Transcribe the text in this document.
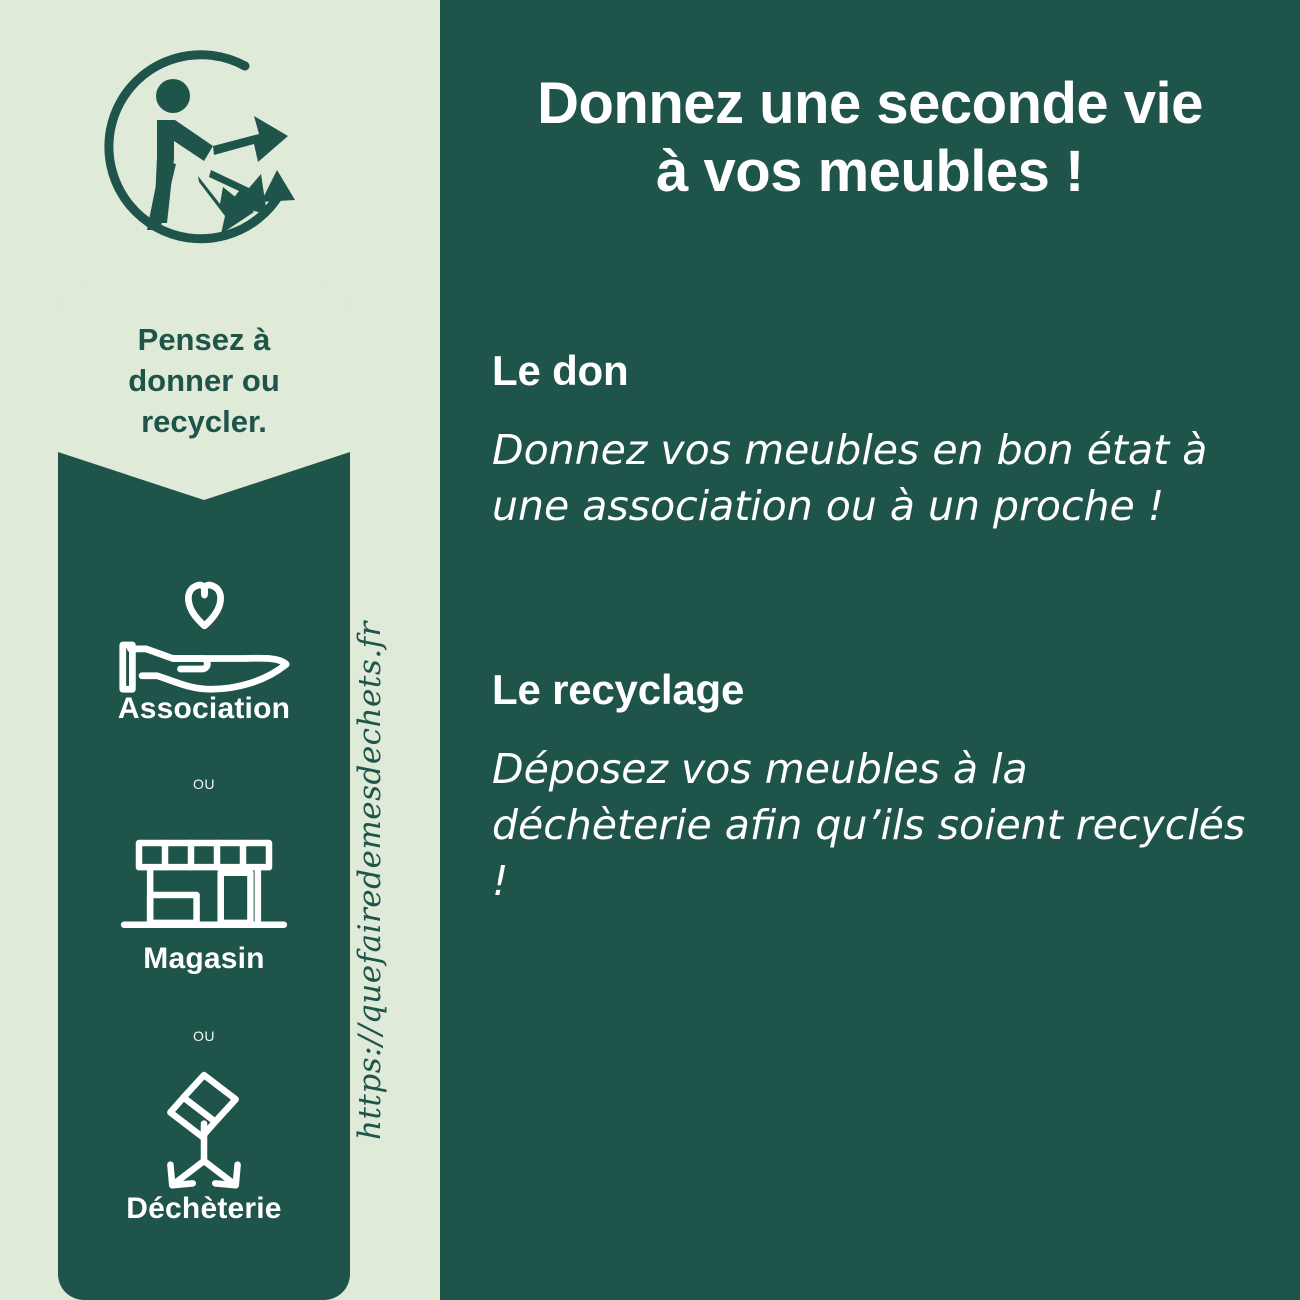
Pensez à
donner ou
recycler.
Association
ou
Magasin
ou
Déchèterie
https://quefairedemesdechets.fr
Donnez une seconde vie
à vos meubles !
Le don
Donnez vos meubles en bon état à une association ou à un proche !
Le recyclage
Déposez vos meubles à la déchèterie afin qu’ils soient recyclés !
